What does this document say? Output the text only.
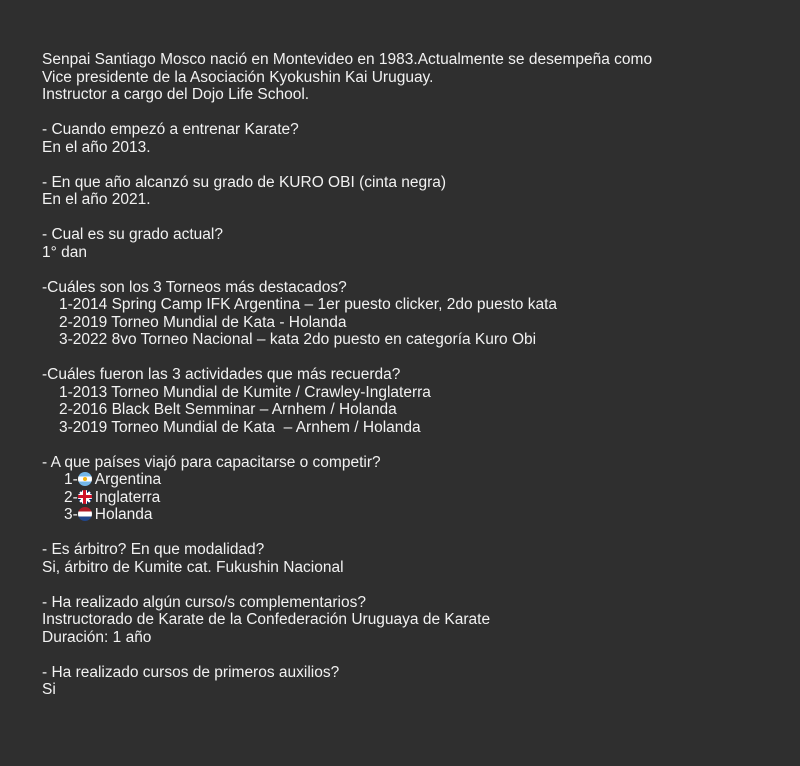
Senpai Santiago Mosco nació en Montevideo en 1983.Actualmente se desempeña como
Vice presidente de la Asociación Kyokushin Kai Uruguay.
Instructor a cargo del Dojo Life School.
- Cuando empezó a entrenar Karate?
En el año 2013.
- En que año alcanzó su grado de KURO OBI (cinta negra)
En el año 2021.
- Cual es su grado actual?
1° dan
-Cuáles son los 3 Torneos más destacados?
1-2014 Spring Camp IFK Argentina – 1er puesto clicker, 2do puesto kata
2-2019 Torneo Mundial de Kata - Holanda
3-2022 8vo Torneo Nacional – kata 2do puesto en categoría Kuro Obi
-Cuáles fueron las 3 actividades que más recuerda?
1-2013 Torneo Mundial de Kumite / Crawley-Inglaterra
2-2016 Black Belt Semminar – Arnhem / Holanda
3-2019 Torneo Mundial de Kata  – Arnhem / Holanda
- A que países viajó para capacitarse o competir?
1- Argentina
2- Inglaterra
3- Holanda
- Es árbitro? En que modalidad?
Si, árbitro de Kumite cat. Fukushin Nacional
- Ha realizado algún curso/s complementarios?
Instructorado de Karate de la Confederación Uruguaya de Karate
Duración: 1 año
- Ha realizado cursos de primeros auxilios?
Si
